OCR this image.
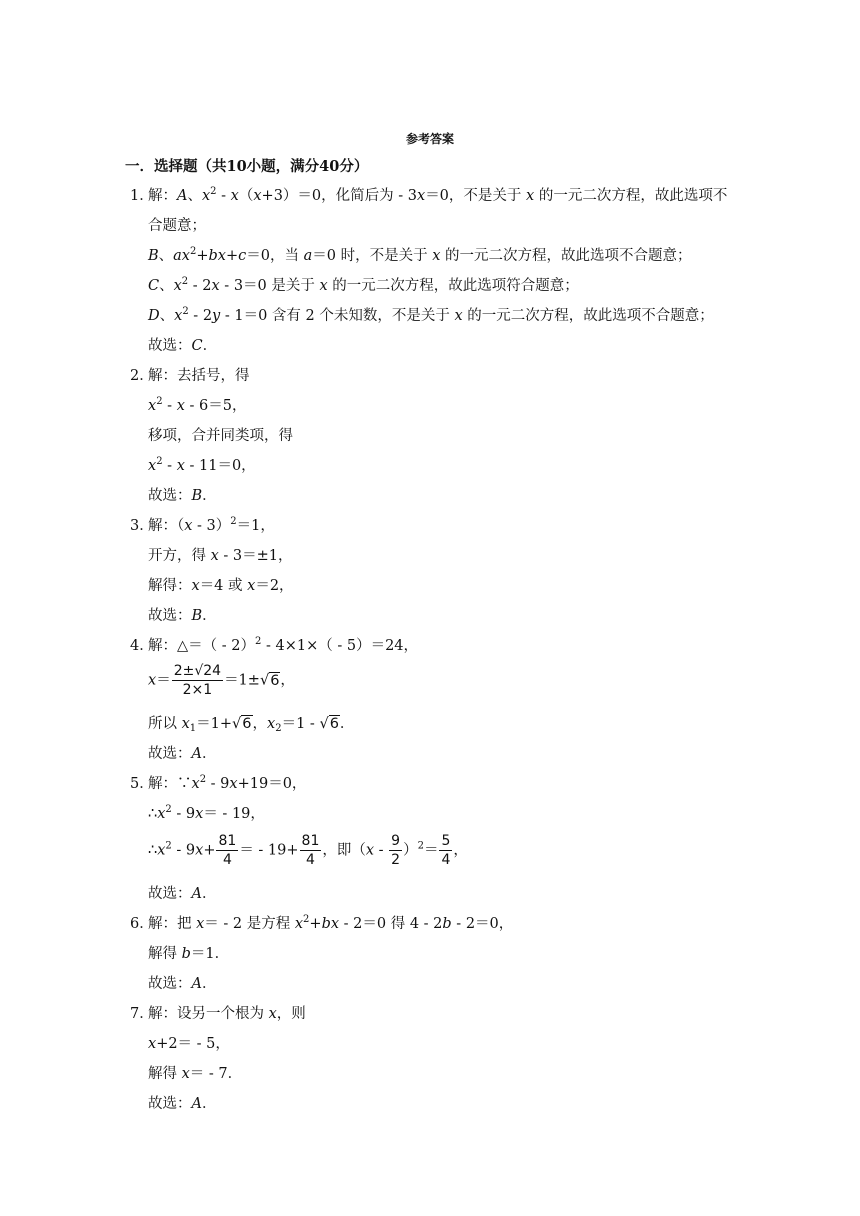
参考答案
一．选择题（共10小题，满分40分）
1．
解：A、$x^2 - x(x+3)=0$，化简后为 - 3x＝0，不是关于 x 的一元二次方程，故此选项不
合题意；
B、$ax^2+bx+c=0$，当 a＝0 时，不是关于 x 的一元二次方程，故此选项不合题意；
C、$x^2 - 2x - 3=0$ 是关于 x 的一元二次方程，故此选项符合题意；
D、$x^2 - 2y - 1=0$ 含有 2 个未知数，不是关于 x 的一元二次方程，故此选项不合题意；
故选：C．
2．
解：去括号，得
$x^2 - x - 6=5$，
移项，合并同类项，得
$x^2 - x - 11=0$，
故选：B．
3．
解：（x - 3）$^2$＝1，
开方，得 x - 3＝±1，
解得：x＝4 或 x＝2，
故选：B．
4．
解：△＝（ - 2）$^2$ - 4×1×（ - 5）＝24，
$x= \frac{2\pm√24}{2\times 1} =1\pm√6$，
所以 $x_1=1+√6$，$x_2=1 - √6$．
故选：A．
5．
解：$\because x^2 - 9x+19=0$，
$\therefore x^2 - 9x= - 19$，
$\therefore x^2 - 9x+ \frac{81}{4}$ ＝ - $19+ \frac{81}{4}$ ，即$(x - \frac{9}{2} )^2= \frac{5}{4}$ ，
故选：A．
6．
解：把 x＝ - 2 是方程 $x^2+bx - 2=0$ 得 4 - 2b - 2＝0，
解得 b＝1．
故选：A．
7．
解：设另一个根为 x，则
x+2＝ - 5，
解得 x＝ - 7．
故选：A．
